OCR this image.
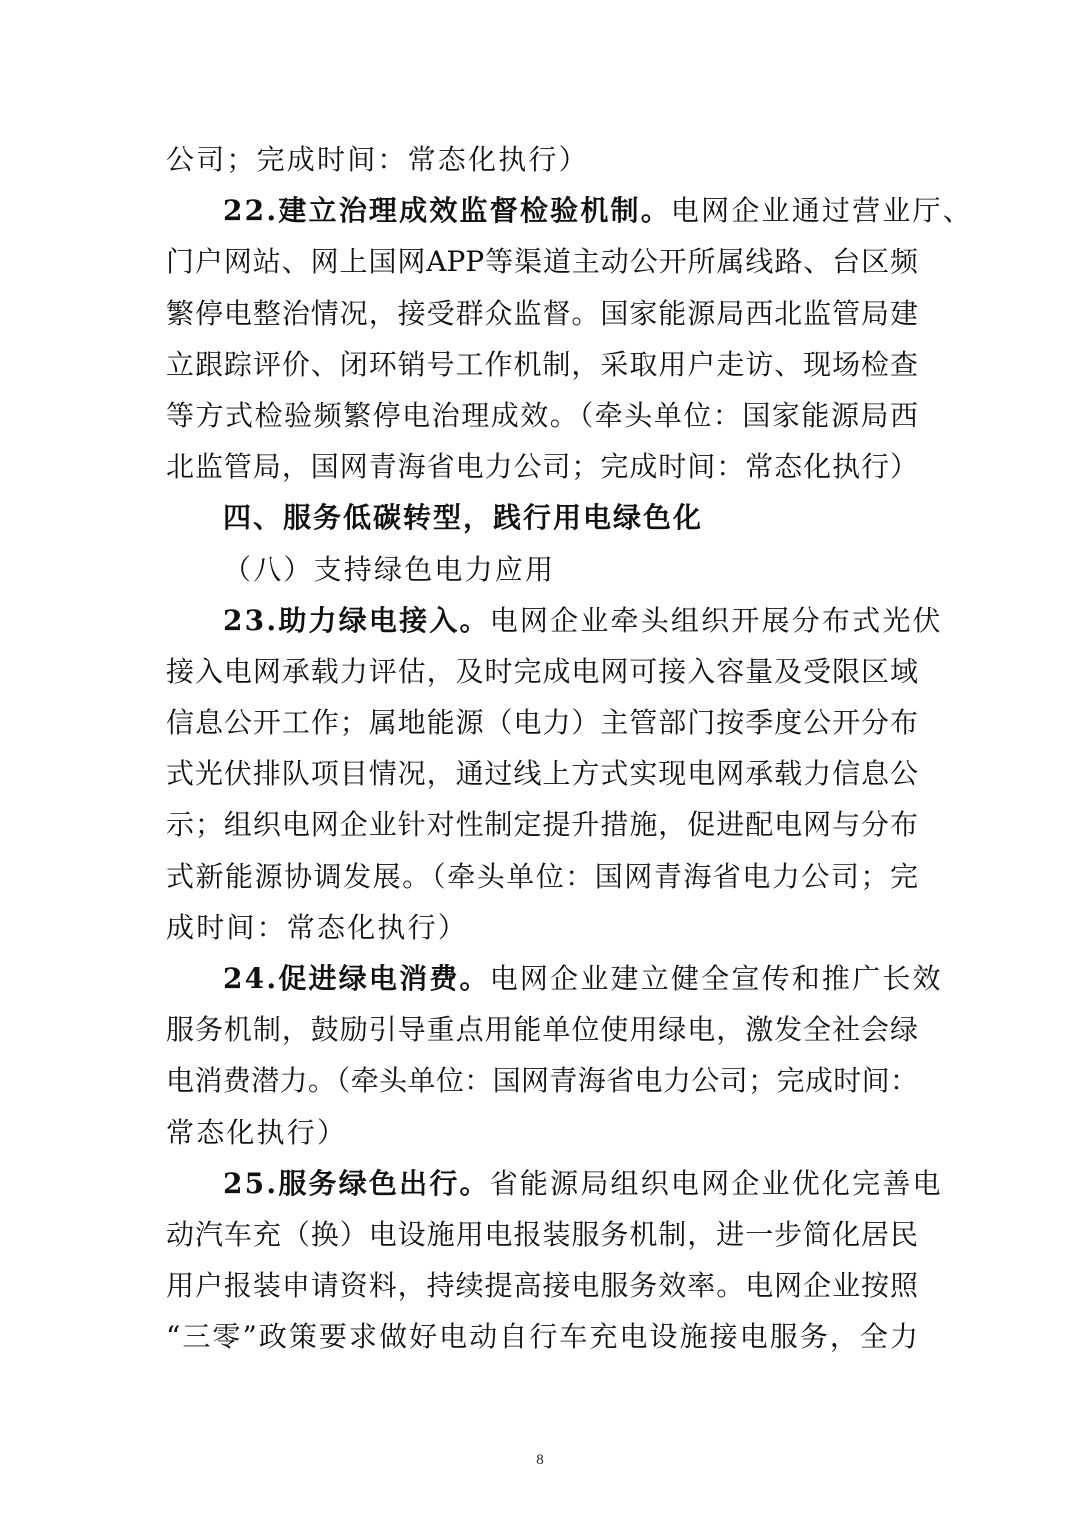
公司；完成时间：常态化执行）
22.建立治理成效监督检验机制。电网企业通过营业厅、
门户网站、网上国网APP等渠道主动公开所属线路、台区频
繁停电整治情况，接受群众监督。国家能源局西北监管局建
立跟踪评价、闭环销号工作机制，采取用户走访、现场检查
等方式检验频繁停电治理成效。（牵头单位：国家能源局西
北监管局，国网青海省电力公司；完成时间：常态化执行）
四、服务低碳转型，践行用电绿色化
（八）支持绿色电力应用
23.助力绿电接入。电网企业牵头组织开展分布式光伏
接入电网承载力评估，及时完成电网可接入容量及受限区域
信息公开工作；属地能源（电力）主管部门按季度公开分布
式光伏排队项目情况，通过线上方式实现电网承载力信息公
示；组织电网企业针对性制定提升措施，促进配电网与分布
式新能源协调发展。（牵头单位：国网青海省电力公司；完
成时间：常态化执行）
24.促进绿电消费。电网企业建立健全宣传和推广长效
服务机制，鼓励引导重点用能单位使用绿电，激发全社会绿
电消费潜力。（牵头单位：国网青海省电力公司；完成时间：
常态化执行）
25.服务绿色出行。省能源局组织电网企业优化完善电
动汽车充（换）电设施用电报装服务机制，进一步简化居民
用户报装申请资料，持续提高接电服务效率。电网企业按照
“三零”政策要求做好电动自行车充电设施接电服务，全力
8
